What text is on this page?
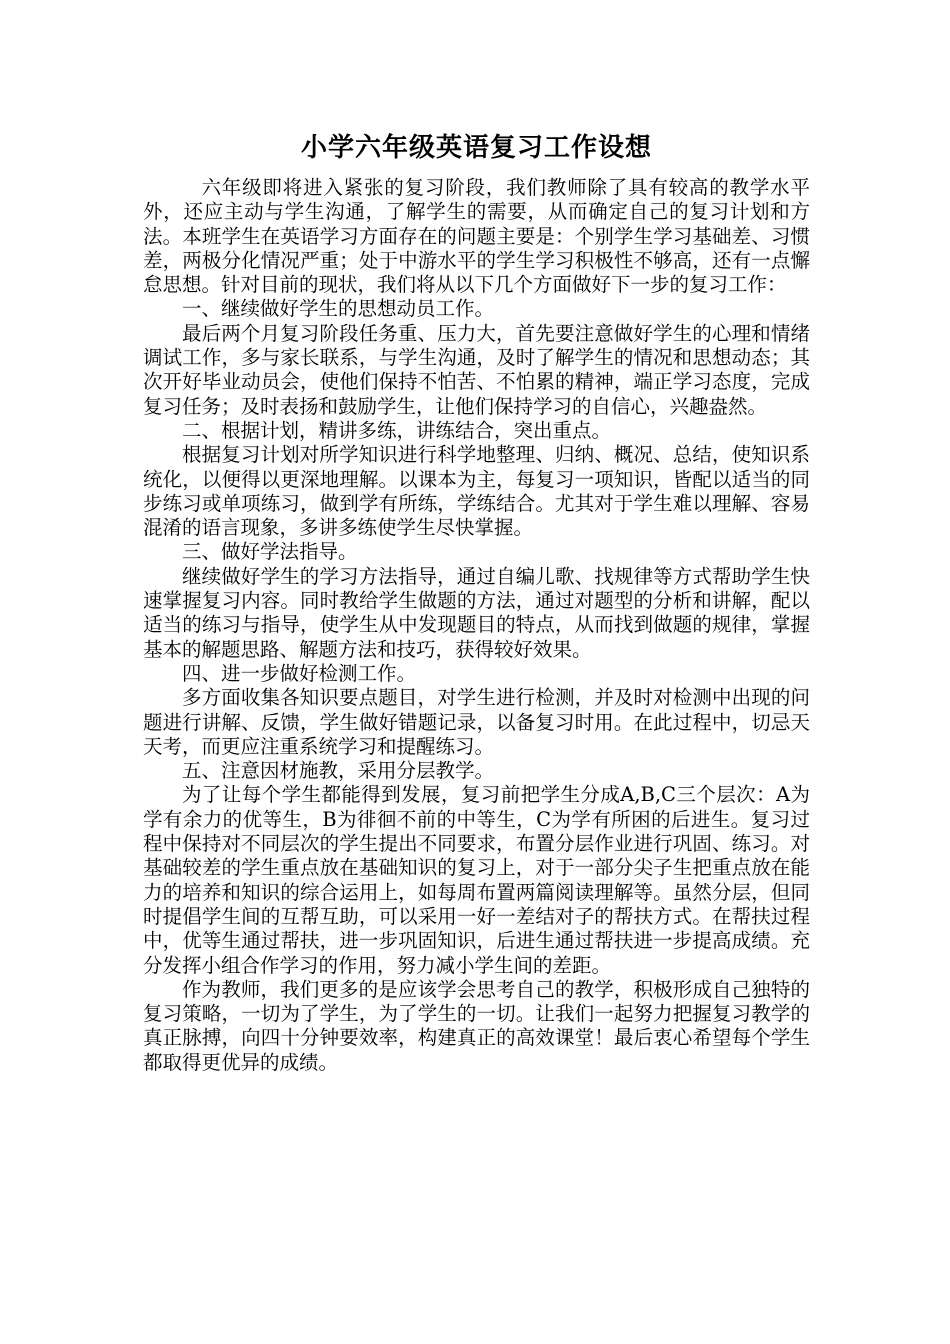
小学六年级英语复习工作设想

六年级即将进入紧张的复习阶段，我们教师除了具有较高的教学水平外，还应主动与学生沟通，了解学生的需要，从而确定自己的复习计划和方法。本班学生在英语学习方面存在的问题主要是：个别学生学习基础差、习惯差，两极分化情况严重；处于中游水平的学生学习积极性不够高，还有一点懈怠思想。针对目前的现状，我们将从以下几个方面做好下一步的复习工作：

一、继续做好学生的思想动员工作。

最后两个月复习阶段任务重、压力大，首先要注意做好学生的心理和情绪调试工作，多与家长联系，与学生沟通，及时了解学生的情况和思想动态；其次开好毕业动员会，使他们保持不怕苦、不怕累的精神，端正学习态度，完成复习任务；及时表扬和鼓励学生，让他们保持学习的自信心，兴趣盎然。

二、根据计划，精讲多练，讲练结合，突出重点。

根据复习计划对所学知识进行科学地整理、归纳、概况、总结，使知识系统化，以便得以更深地理解。以课本为主，每复习一项知识，皆配以适当的同步练习或单项练习，做到学有所练，学练结合。尤其对于学生难以理解、容易混淆的语言现象，多讲多练使学生尽快掌握。

三、做好学法指导。

继续做好学生的学习方法指导，通过自编儿歌、找规律等方式帮助学生快速掌握复习内容。同时教给学生做题的方法，通过对题型的分析和讲解，配以适当的练习与指导，使学生从中发现题目的特点，从而找到做题的规律，掌握基本的解题思路、解题方法和技巧，获得较好效果。

四、进一步做好检测工作。

多方面收集各知识要点题目，对学生进行检测，并及时对检测中出现的问题进行讲解、反馈，学生做好错题记录，以备复习时用。在此过程中，切忌天天考，而更应注重系统学习和提醒练习。

五、注意因材施教，采用分层教学。

为了让每个学生都能得到发展，复习前把学生分成A,B,C三个层次：A为学有余力的优等生，B为徘徊不前的中等生，C为学有所困的后进生。复习过程中保持对不同层次的学生提出不同要求，布置分层作业进行巩固、练习。对基础较差的学生重点放在基础知识的复习上，对于一部分尖子生把重点放在能力的培养和知识的综合运用上，如每周布置两篇阅读理解等。虽然分层，但同时提倡学生间的互帮互助，可以采用一好一差结对子的帮扶方式。在帮扶过程中，优等生通过帮扶，进一步巩固知识，后进生通过帮扶进一步提高成绩。充分发挥小组合作学习的作用，努力减小学生间的差距。

作为教师，我们更多的是应该学会思考自己的教学，积极形成自己独特的复习策略，一切为了学生，为了学生的一切。让我们一起努力把握复习教学的真正脉搏，向四十分钟要效率，构建真正的高效课堂！最后衷心希望每个学生都取得更优异的成绩。
